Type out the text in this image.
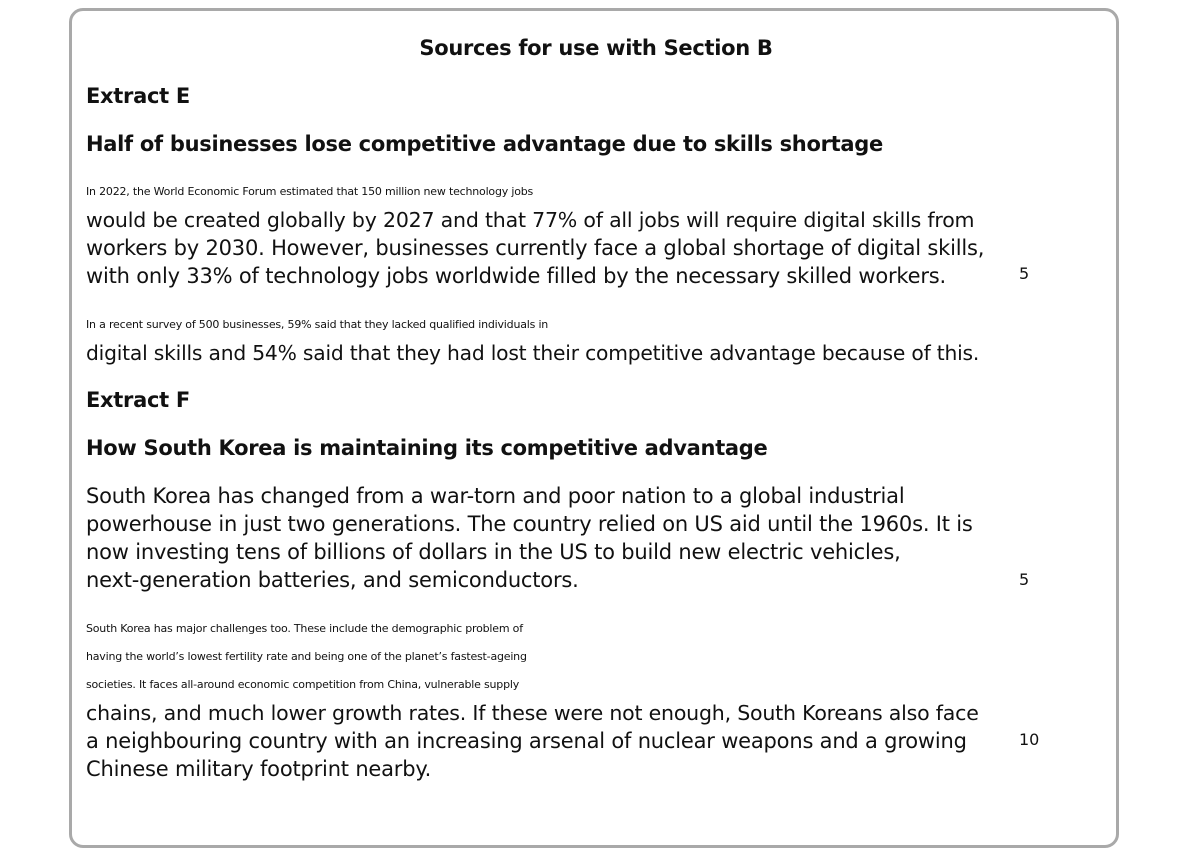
Sources for use with Section B
Extract E
Half of businesses lose competitive advantage due to skills shortage
In 2022, the World Economic Forum estimated that 150 million new technology jobs
would be created globally by 2027 and that 77% of all jobs will require digital skills from
workers by 2030. However, businesses currently face a global shortage of digital skills,
with only 33% of technology jobs worldwide filled by the necessary skilled workers.	5
In a recent survey of 500 businesses, 59% said that they lacked qualified individuals in
digital skills and 54% said that they had lost their competitive advantage because of this.
Extract F
How South Korea is maintaining its competitive advantage
South Korea has changed from a war-torn and poor nation to a global industrial
powerhouse in just two generations. The country relied on US aid until the 1960s. It is
now investing tens of billions of dollars in the US to build new electric vehicles,
next-generation batteries, and semiconductors.	5
South Korea has major challenges too. These include the demographic problem of
having the world’s lowest fertility rate and being one of the planet’s fastest-ageing
societies. It faces all-around economic competition from China, vulnerable supply
chains, and much lower growth rates. If these were not enough, South Koreans also face
a neighbouring country with an increasing arsenal of nuclear weapons and a growing
Chinese military footprint nearby.
10
